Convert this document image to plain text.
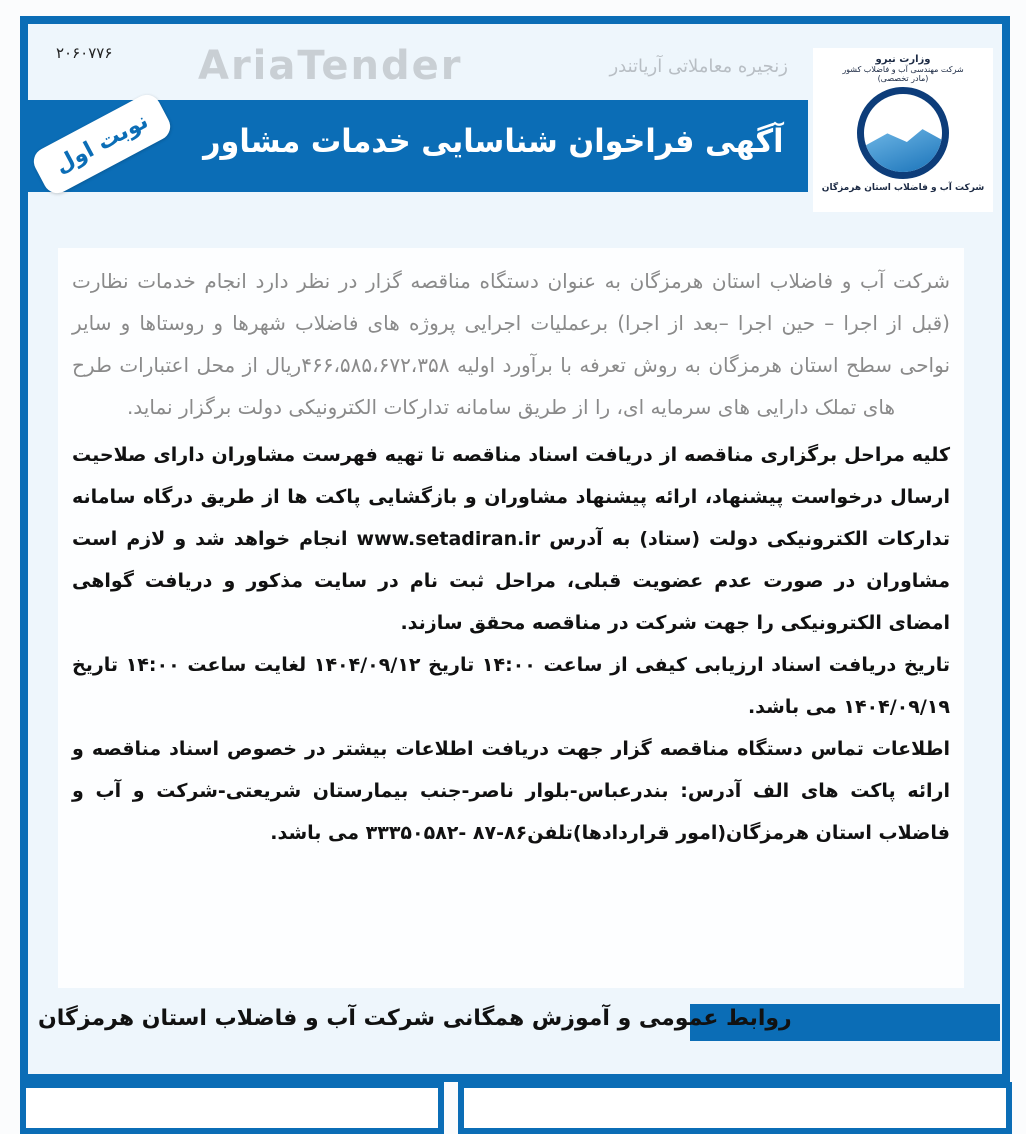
۲۰۶۰۷۷۶ AriaTender	زنجیره معاملاتی آریاتندر
آگهی فراخوان شناسایی خدمات مشاور
نوبت اول
وزارت نیرو
شرکت مهندسی آب و فاضلاب کشور
(مادر تخصصی)
شرکت آب و فاضلاب استان هرمزگان
شرکت آب و فاضلاب استان هرمزگان به عنوان دستگاه مناقصه گزار در نظر دارد انجام خدمات نظارت (قبل از اجرا – حین اجرا –بعد از اجرا) برعملیات اجرایی پروژه های فاضلاب شهرها و روستاها و سایر نواحی سطح استان هرمزگان به روش تعرفه با برآورد اولیه ۴۶۶،۵۸۵،۶۷۲،۳۵۸ریال از محل اعتبارات طرح های تملک دارایی های سرمایه ای، را از طریق سامانه تدارکات الکترونیکی دولت برگزار نماید.

کلیه مراحل برگزاری مناقصه از دریافت اسناد مناقصه تا تهیه فهرست مشاوران دارای صلاحیت ارسال درخواست پیشنهاد، ارائه پیشنهاد مشاوران و بازگشایی پاکت ها از طریق درگاه سامانه تدارکات الکترونیکی دولت (ستاد) به آدرس www.setadiran.ir انجام خواهد شد و لازم است مشاوران در صورت عدم عضویت قبلی، مراحل ثبت نام در سایت مذکور و دریافت گواهی امضای الکترونیکی را جهت شرکت در مناقصه محقق سازند.

تاریخ دریافت اسناد ارزیابی کیفی از ساعت ۱۴:۰۰ تاریخ ۱۴۰۴/۰۹/۱۲ لغایت ساعت ۱۴:۰۰ تاریخ ۱۴۰۴/۰۹/۱۹ می باشد.

اطلاعات تماس دستگاه مناقصه گزار جهت دریافت اطلاعات بیشتر در خصوص اسناد مناقصه و ارائه پاکت های الف آدرس: بندرعباس-بلوار ناصر-جنب بیمارستان شریعتی-شرکت و آب و فاضلاب استان هرمزگان(امور قراردادها)تلفن۸۶-۸۷ -۳۳۳۵۰۵۸۲ می باشد.

روابط عمومی و آموزش همگانی شرکت آب و فاضلاب استان هرمزگان
